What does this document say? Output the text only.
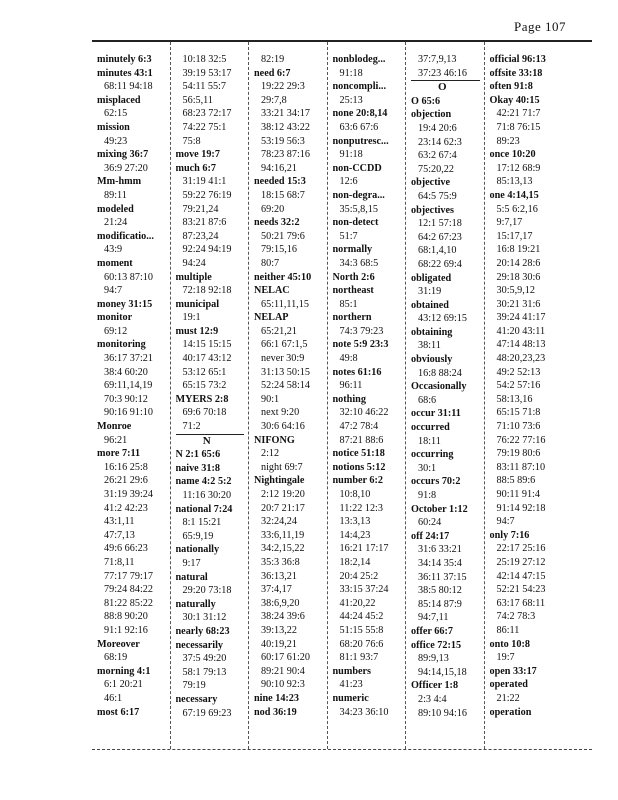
Page 107
minutely 6:3
minutes 43:1
68:11 94:18
misplaced
62:15
mission
49:23
mixing 36:7
36:9 27:20
Mm-hmm
89:11
modeled
21:24
modificatio...
43:9
moment
60:13 87:10
94:7
money 31:15
monitor
69:12
monitoring
36:17 37:21
38:4 60:20
69:11,14,19
70:3 90:12
90:16 91:10
Monroe
96:21
more 7:11
16:16 25:8
26:21 29:6
31:19 39:24
41:2 42:23
43:1,11
47:7,13
49:6 66:23
71:8,11
77:17 79:17
79:24 84:22
81:22 85:22
88:8 90:20
91:1 92:16
Moreover
68:19
morning 4:1
6:1 20:21
46:1
most 6:17
10:18 32:5
39:19 53:17
54:11 55:7
56:5,11
68:23 72:17
74:22 75:1
75:8
move 19:7
much 6:7
31:19 41:1
59:22 76:19
79:21,24
83:21 87:6
87:23,24
92:24 94:19
94:24
multiple
72:18 92:18
municipal
19:1
must 12:9
14:15 15:15
40:17 43:12
53:12 65:1
65:15 73:2
MYERS 2:8
69:6 70:18
71:2
N
N 2:1 65:6
naive 31:8
name 4:2 5:2
11:16 30:20
national 7:24
8:1 15:21
65:9,19
nationally
9:17
natural
29:20 73:18
naturally
30:1 31:12
nearly 68:23
necessarily
37:5 49:20
58:1 79:13
79:19
necessary
67:19 69:23
82:19
need 6:7
19:22 29:3
29:7,8
33:21 34:17
38:12 43:22
53:19 56:3
78:23 87:16
94:16,21
needed 15:3
18:15 68:7
69:20
needs 32:2
50:21 79:6
79:15,16
80:7
neither 45:10
NELAC
65:11,11,15
NELAP
65:21,21
66:1 67:1,5
never 30:9
31:13 50:15
52:24 58:14
90:1
next 9:20
30:6 64:16
NIFONG
2:12
night 69:7
Nightingale
2:12 19:20
20:7 21:17
32:24,24
33:6,11,19
34:2,15,22
35:3 36:8
36:13,21
37:4,17
38:6,9,20
38:24 39:6
39:13,22
40:19,21
60:17 61:20
89:21 90:4
90:10 92:3
nine 14:23
nod 36:19
nonblodeg...
91:18
noncompli...
25:13
none 20:8,14
63:6 67:6
nonputresc...
91:18
non-CCDD
12:6
non-degra...
35:5,8,15
non-detect
51:7
normally
34:3 68:5
North 2:6
northeast
85:1
northern
74:3 79:23
note 5:9 23:3
49:8
notes 61:16
96:11
nothing
32:10 46:22
47:2 78:4
87:21 88:6
notice 51:18
notions 5:12
number 6:2
10:8,10
11:22 12:3
13:3,13
14:4,23
16:21 17:17
18:2,14
20:4 25:2
33:15 37:24
41:20,22
44:24 45:2
51:15 55:8
68:20 76:6
81:1 93:7
numbers
41:23
numeric
34:23 36:10
37:7,9,13
37:23 46:16
O
O 65:6
objection
19:4 20:6
23:14 62:3
63:2 67:4
75:20,22
objective
64:5 75:9
objectives
12:1 57:18
64:2 67:23
68:1,4,10
68:22 69:4
obligated
31:19
obtained
43:12 69:15
obtaining
38:11
obviously
16:8 88:24
Occasionally
68:6
occur 31:11
occurred
18:11
occurring
30:1
occurs 70:2
91:8
October 1:12
60:24
off 24:17
31:6 33:21
34:14 35:4
36:11 37:15
38:5 80:12
85:14 87:9
94:7,11
offer 66:7
office 72:15
89:9,13
94:14,15,18
Officer 1:8
2:3 4:4
89:10 94:16
official 96:13
offsite 33:18
often 91:8
Okay 40:15
42:21 71:7
71:8 76:15
89:23
once 10:20
17:12 68:9
85:13,13
one 4:14,15
5:5 6:2,16
9:7,17
15:17,17
16:8 19:21
20:14 28:6
29:18 30:6
30:5,9,12
30:21 31:6
39:24 41:17
41:20 43:11
47:14 48:13
48:20,23,23
49:2 52:13
54:2 57:16
58:13,16
65:15 71:8
71:10 73:6
76:22 77:16
79:19 80:6
83:11 87:10
88:5 89:6
90:11 91:4
91:14 92:18
94:7
only 7:16
22:17 25:16
25:19 27:12
42:14 47:15
52:21 54:23
63:17 68:11
74:2 78:3
86:11
onto 10:8
19:7
open 33:17
operated
21:22
operation
